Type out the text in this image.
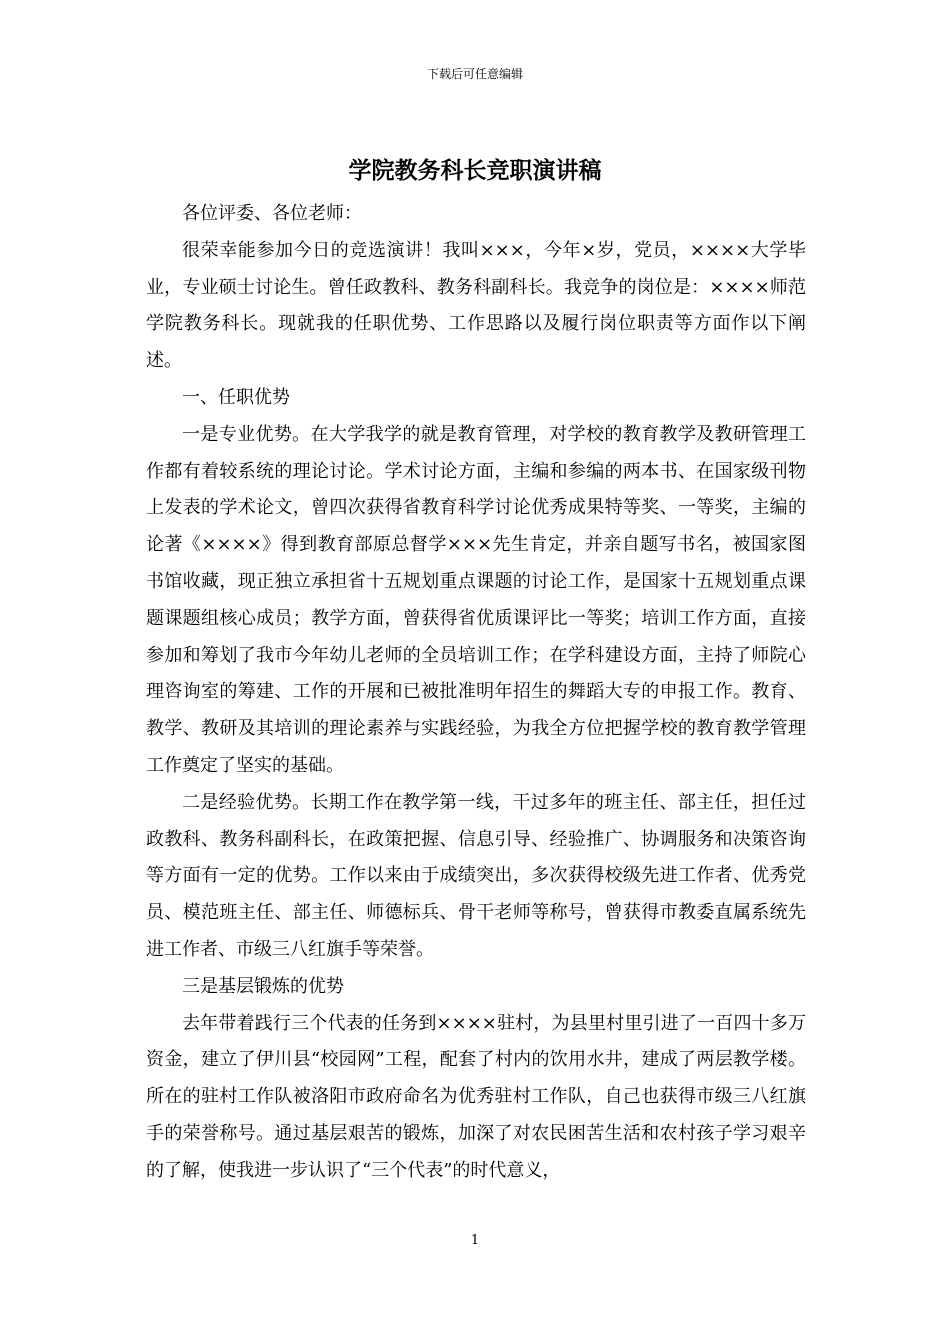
下载后可任意编辑
学院教务科长竞职演讲稿

各位评委、各位老师：

很荣幸能参加今日的竞选演讲！我叫×××，今年×岁，党员，××××大学毕业，专业硕士讨论生。曾任政教科、教务科副科长。我竞争的岗位是：××××师范学院教务科长。现就我的任职优势、工作思路以及履行岗位职责等方面作以下阐述。

一、任职优势

一是专业优势。在大学我学的就是教育管理，对学校的教育教学及教研管理工作都有着较系统的理论讨论。学术讨论方面，主编和参编的两本书、在国家级刊物上发表的学术论文，曾四次获得省教育科学讨论优秀成果特等奖、一等奖，主编的论著《××××》得到教育部原总督学×××先生肯定，并亲自题写书名，被国家图书馆收藏，现正独立承担省十五规划重点课题的讨论工作，是国家十五规划重点课题课题组核心成员；教学方面，曾获得省优质课评比一等奖；培训工作方面，直接参加和筹划了我市今年幼儿老师的全员培训工作；在学科建设方面，主持了师院心理咨询室的筹建、工作的开展和已被批准明年招生的舞蹈大专的申报工作。教育、教学、教研及其培训的理论素养与实践经验，为我全方位把握学校的教育教学管理工作奠定了坚实的基础。

二是经验优势。长期工作在教学第一线，干过多年的班主任、部主任，担任过政教科、教务科副科长，在政策把握、信息引导、经验推广、协调服务和决策咨询等方面有一定的优势。工作以来由于成绩突出，多次获得校级先进工作者、优秀党员、模范班主任、部主任、师德标兵、骨干老师等称号，曾获得市教委直属系统先进工作者、市级三八红旗手等荣誉。

三是基层锻炼的优势

去年带着践行三个代表的任务到××××驻村，为县里村里引进了一百四十多万资金，建立了伊川县“校园网”工程，配套了村内的饮用水井，建成了两层教学楼。所在的驻村工作队被洛阳市政府命名为优秀驻村工作队，自己也获得市级三八红旗手的荣誉称号。通过基层艰苦的锻炼，加深了对农民困苦生活和农村孩子学习艰辛的了解，使我进一步认识了“三个代表”的时代意义，

1
